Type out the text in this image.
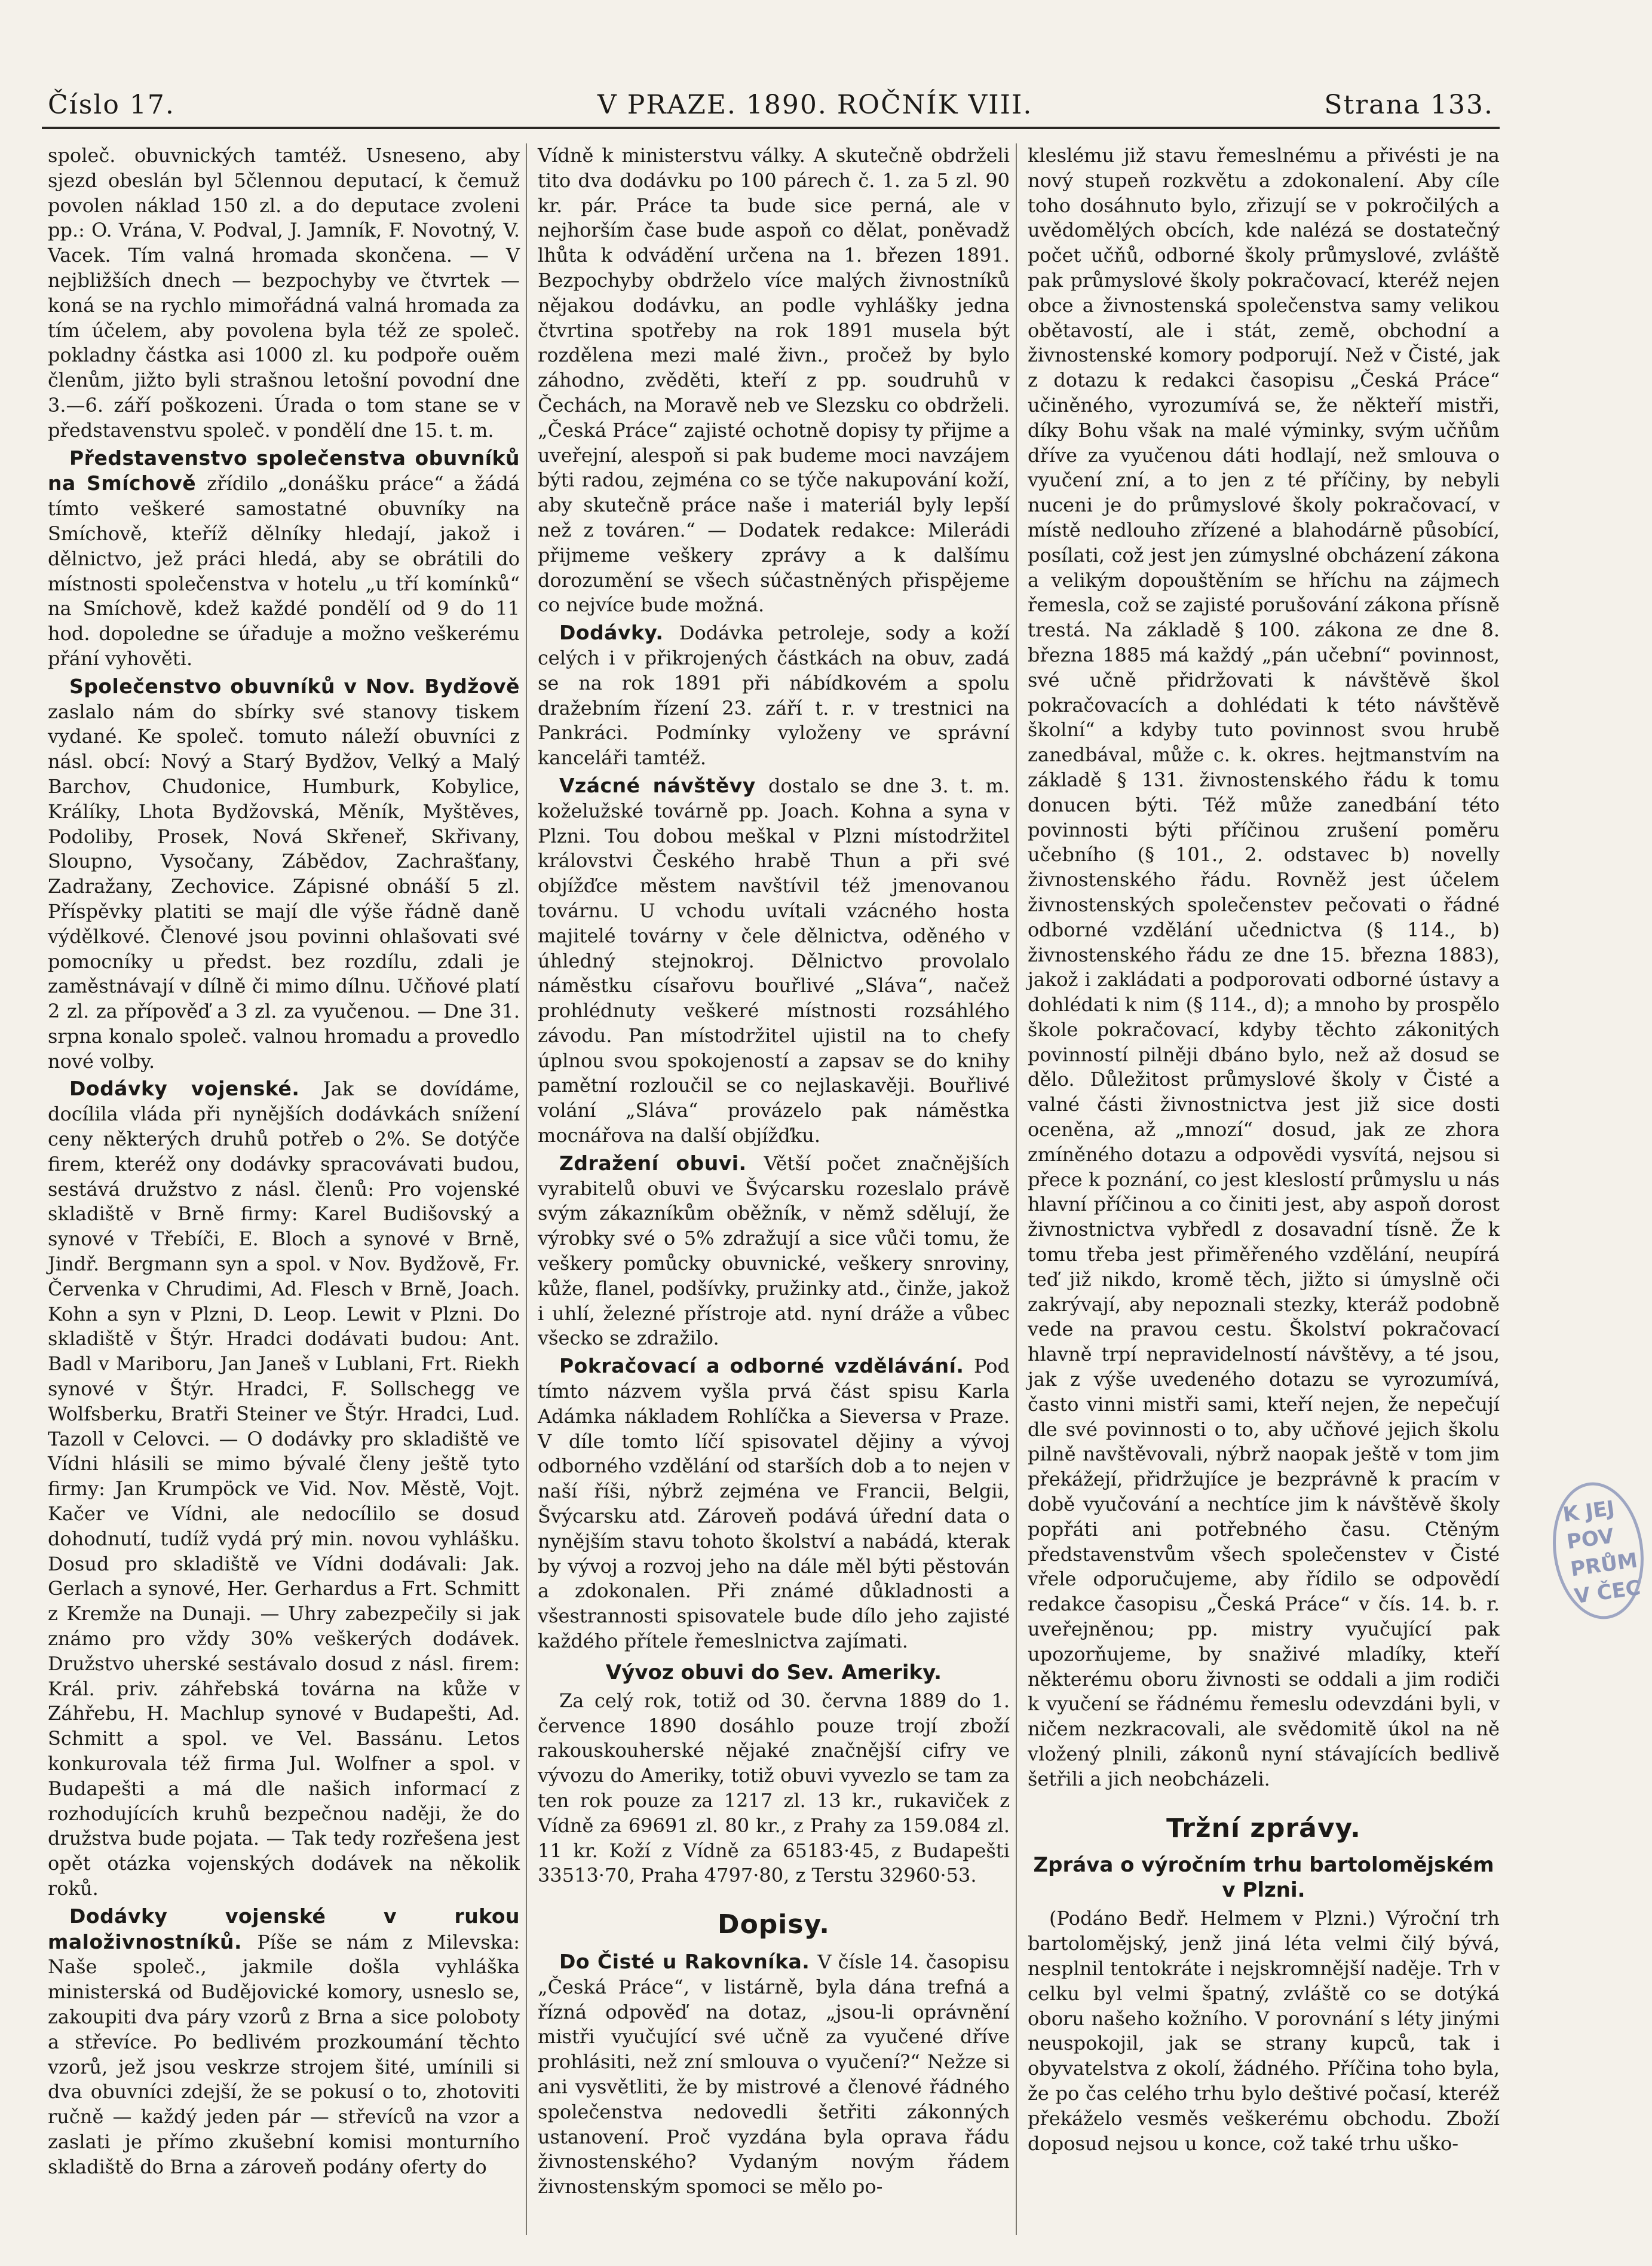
Číslo 17.	V PRAZE. 1890. ROČNÍK VIII.	Strana 133.

společ. obuvnických tamtéž. Usneseno, aby sjezd obeslán byl 5člennou deputací, k čemuž povolen náklad 150 zl. a do deputace zvoleni pp.: O. Vrána, V. Podval, J. Jamník, F. Novotný, V. Vacek. Tím valná hromada skončena. — V nejbližších dnech — bezpochyby ve čtvrtek — koná se na rychlo mimořádná valná hromada za tím účelem, aby povolena byla též ze společ. pokladny částka asi 1000 zl. ku podpoře ouěm členům, jižto byli strašnou letošní povodní dne 3.—6. září poškozeni. Úrada o tom stane se v představenstvu společ. v pondělí dne 15. t. m.

Představenstvo společenstva obuvníků na Smíchově zřídilo „donášku práce“ a žádá tímto veškeré samostatné obuvníky na Smíchově, kteříž dělníky hledají, jakož i dělnictvo, jež práci hledá, aby se obrátili do místnosti společenstva v hotelu „u tří komínků“ na Smíchově, kdež každé pondělí od 9 do 11 hod. dopoledne se úřaduje a možno veškerému přání vyhověti.

Společenstvo obuvníků v Nov. Bydžově zaslalo nám do sbírky své stanovy tiskem vydané. Ke společ. tomuto náleží obuvníci z násl. obcí: Nový a Starý Bydžov, Velký a Malý Barchov, Chudonice, Humburk, Kobylice, Králíky, Lhota Bydžovská, Měník, Myštěves, Podoliby, Prosek, Nová Skřeneř, Skřivany, Sloupno, Vysočany, Zábědov, Zachrašťany, Zadražany, Zechovice. Zápisné obnáší 5 zl. Příspěvky platiti se mají dle výše řádně daně výdělkové. Členové jsou povinni ohlašovati své pomocníky u předst. bez rozdílu, zdali je zaměstnávají v dílně či mimo dílnu. Učňové platí 2 zl. za přípověď a 3 zl. za vyučenou. — Dne 31. srpna konalo společ. valnou hromadu a provedlo nové volby.

Dodávky vojenské. Jak se dovídáme, docílila vláda při nynějších dodávkách snížení ceny některých druhů potřeb o 2%. Se dotýče firem, kteréž ony dodávky spracovávati budou, sestává družstvo z násl. členů: Pro vojenské skladiště v Brně firmy: Karel Budišovský a synové v Třebíči, E. Bloch a synové v Brně, Jindř. Bergmann syn a spol. v Nov. Bydžově, Fr. Červenka v Chrudimi, Ad. Flesch v Brně, Joach. Kohn a syn v Plzni, D. Leop. Lewit v Plzni. Do skladiště v Štýr. Hradci dodávati budou: Ant. Badl v Mariboru, Jan Janeš v Lublani, Frt. Riekh synové v Štýr. Hradci, F. Sollschegg ve Wolfsberku, Bratři Steiner ve Štýr. Hradci, Lud. Tazoll v Celovci. — O dodávky pro skladiště ve Vídni hlásili se mimo bývalé členy ještě tyto firmy: Jan Krumpöck ve Vid. Nov. Městě, Vojt. Kačer ve Vídni, ale nedocílilo se dosud dohodnutí, tudíž vydá prý min. novou vyhlášku. Dosud pro skladiště ve Vídni dodávali: Jak. Gerlach a synové, Her. Gerhardus a Frt. Schmitt z Kremže na Dunaji. — Uhry zabezpečily si jak známo pro vždy 30% veškerých dodávek. Družstvo uherské sestávalo dosud z násl. firem: Král. priv. záhřebská továrna na kůže v Záhřebu, H. Machlup synové v Budapešti, Ad. Schmitt a spol. ve Vel. Bassánu. Letos konkurovala též firma Jul. Wolfner a spol. v Budapešti a má dle našich informací z rozhodujících kruhů bezpečnou naději, že do družstva bude pojata. — Tak tedy rozřešena jest opět otázka vojenských dodávek na několik roků.

Dodávky vojenské v rukou maloživnostníků. Píše se nám z Milevska: Naše společ., jakmile došla vyhláška ministerská od Budějovické komory, usneslo se, zakoupiti dva páry vzorů z Brna a sice poloboty a střevíce. Po bedlivém prozkoumání těchto vzorů, jež jsou veskrze strojem šité, umínili si dva obuvníci zdejší, že se pokusí o to, zhotoviti ručně — každý jeden pár — střevíců na vzor a zaslati je přímo zkušební komisi monturního skladiště do Brna a zároveň podány oferty do

Vídně k ministerstvu války. A skutečně obdrželi tito dva dodávku po 100 párech č. 1. za 5 zl. 90 kr. pár. Práce ta bude sice perná, ale v nejhorším čase bude aspoň co dělat, poněvadž lhůta k odvádění určena na 1. březen 1891. Bezpochyby obdrželo více malých živnostníků nějakou dodávku, an podle vyhlášky jedna čtvrtina spotřeby na rok 1891 musela být rozdělena mezi malé živn., pročež by bylo záhodno, zvěděti, kteří z pp. soudruhů v Čechách, na Moravě neb ve Slezsku co obdrželi. „Česká Práce“ zajisté ochotně dopisy ty přijme a uveřejní, alespoň si pak budeme moci navzájem býti radou, zejména co se týče nakupování koží, aby skutečně práce naše i materiál byly lepší než z továren.“ — Dodatek redakce: Milerádi přijmeme veškery zprávy a k dalšímu dorozumění se všech súčastněných přispějeme co nejvíce bude možná.

Dodávky. Dodávka petroleje, sody a koží celých i v přikrojených částkách na obuv, zadá se na rok 1891 při nábídkovém a spolu dražebním řízení 23. září t. r. v trestnici na Pankráci. Podmínky vyloženy ve správní kanceláři tamtéž.

Vzácné návštěvy dostalo se dne 3. t. m. koželužské továrně pp. Joach. Kohna a syna v Plzni. Tou dobou meškal v Plzni místodržitel královstvi Českého hrabě Thun a při své objížďce městem navštívil též jmenovanou továrnu. U vchodu uvítali vzácného hosta majitelé továrny v čele dělnictva, oděného v úhledný stejnokroj. Dělnictvo provolalo náměstku císařovu bouřlivé „Sláva“, načež prohlédnuty veškeré místnosti rozsáhlého závodu. Pan místodržitel ujistil na to chefy úplnou svou spokojeností a zapsav se do knihy pamětní rozloučil se co nejlaskavěji. Bouřlivé volání „Sláva“ provázelo pak náměstka mocnářova na další objížďku.

Zdražení obuvi. Větší počet značnějších vyrabitelů obuvi ve Švýcarsku rozeslalo právě svým zákazníkům oběžník, v němž sdělují, že výrobky své o 5% zdražují a sice vůči tomu, že veškery pomůcky obuvnické, veškery snroviny, kůže, flanel, podšívky, pružinky atd., činže, jakož i uhlí, železné přístroje atd. nyní dráže a vůbec všecko se zdražilo.

Pokračovací a odborné vzdělávání. Pod tímto názvem vyšla prvá část spisu Karla Adámka nákladem Rohlíčka a Sieversa v Praze. V díle tomto líčí spisovatel dějiny a vývoj odborného vzdělání od starších dob a to nejen v naší říši, nýbrž zejména ve Francii, Belgii, Švýcarsku atd. Zároveň podává úřední data o nynějším stavu tohoto školství a nabádá, kterak by vývoj a rozvoj jeho na dále měl býti pěstován a zdokonalen. Při známé důkladnosti a všestrannosti spisovatele bude dílo jeho zajisté každého přítele řemeslnictva zajímati.

Vývoz obuvi do Sev. Ameriky.

Za celý rok, totiž od 30. června 1889 do 1. července 1890 dosáhlo pouze trojí zboží rakouskouherské nějaké značnější cifry ve vývozu do Ameriky, totiž obuvi vyvezlo se tam za ten rok pouze za 1217 zl. 13 kr., rukaviček z Vídně za 69691 zl. 80 kr., z Prahy za 159.084 zl. 11 kr. Koží z Vídně za 65183·45, z Budapešti 33513·70, Praha 4797·80, z Terstu 32960·53.

Dopisy.

Do Čisté u Rakovníka. V čísle 14. časopisu „Česká Práce“, v listárně, byla dána trefná a řízná odpověď na dotaz, „jsou-li oprávnění mistři vyučující své učně za vyučené dříve prohlásiti, než zní smlouva o vyučení?“ Nežze si ani vysvětliti, že by mistrové a členové řádného společenstva nedovedli šetřiti zákonných ustanovení. Proč vyzdána byla oprava řádu živnostenského? Vydaným novým řádem živnostenským spomoci se mělo po-

kleslému již stavu řemeslnému a přivésti je na nový stupeň rozkvětu a zdokonalení. Aby cíle toho dosáhnuto bylo, zřizují se v pokročilých a uvědomělých obcích, kde nalézá se dostatečný počet učňů, odborné školy průmyslové, zvláště pak průmyslové školy pokračovací, kteréž nejen obce a živnostenská společenstva samy velikou obětavostí, ale i stát, země, obchodní a živnostenské komory podporují. Než v Čisté, jak z dotazu k redakci časopisu „Česká Práce“ učiněného, vyrozumívá se, že někteří mistři, díky Bohu však na malé výminky, svým učňům dříve za vyučenou dáti hodlají, než smlouva o vyučení zní, a to jen z té příčiny, by nebyli nuceni je do průmyslové školy pokračovací, v místě nedlouho zřízené a blahodárně působící, posílati, což jest jen zúmyslné obcházení zákona a velikým dopouštěním se hříchu na zájmech řemesla, což se zajisté porušování zákona přísně trestá. Na základě § 100. zákona ze dne 8. března 1885 má každý „pán učební“ povinnost, své učně přidržovati k návštěvě škol pokračovacích a dohlédati k této návštěvě školní“ a kdyby tuto povinnost svou hrubě zanedbával, může c. k. okres. hejtmanstvím na základě § 131. živnostenského řádu k tomu donucen býti. Též může zanedbání této povinnosti býti příčinou zrušení poměru učebního (§ 101., 2. odstavec b) novelly živnostenského řádu. Rovněž jest účelem živnostenských společenstev pečovati o řádné odborné vzdělání učednictva (§ 114., b) živnostenského řádu ze dne 15. března 1883), jakož i zakládati a podporovati odborné ústavy a dohlédati k nim (§ 114., d); a mnoho by prospělo škole pokračovací, kdyby těchto zákonitých povinností pilněji dbáno bylo, než až dosud se dělo. Důležitost průmyslové školy v Čisté a valné části živnostnictva jest již sice dosti oceněna, až „mnozí“ dosud, jak ze zhora zmíněného dotazu a odpovědi vysvítá, nejsou si přece k poznání, co jest kleslostí průmyslu u nás hlavní příčinou a co činiti jest, aby aspoň dorost živnostnictva vybředl z dosavadní tísně. Že k tomu třeba jest přiměřeného vzdělání, neupírá teď již nikdo, kromě těch, jižto si úmyslně oči zakrývají, aby nepoznali stezky, kteráž podobně vede na pravou cestu. Školství pokračovací hlavně trpí nepravidelností návštěvy, a té jsou, jak z výše uvedeného dotazu se vyrozumívá, často vinni mistři sami, kteří nejen, že nepečují dle své povinnosti o to, aby učňové jejich školu pilně navštěvovali, nýbrž naopak ještě v tom jim překážejí, přidržujíce je bezprávně k pracím v době vyučování a nechtíce jim k návštěvě školy popřáti ani potřebného času. Ctěným představenstvům všech společenstev v Čisté vřele odporučujeme, aby řídilo se odpovědí redakce časopisu „Česká Práce“ v čís. 14. b. r. uveřejněnou; pp. mistry vyučující pak upozorňujeme, by snaživé mladíky, kteří některému oboru živnosti se oddali a jim rodiči k vyučení se řádnému řemeslu odevzdáni byli, v ničem nezkracovali, ale svědomitě úkol na ně vložený plnili, zákonů nyní stávajících bedlivě šetřili a jich neobcházeli.

Tržní zprávy.
Zpráva o výročním trhu bartolomějském v Plzni.

(Podáno Bedř. Helmem v Plzni.) Výroční trh bartolomějský, jenž jiná léta velmi čilý bývá, nesplnil tentokráte i nejskromnější naděje. Trh v celku byl velmi špatný, zvláště co se dotýká oboru našeho kožního. V porovnání s léty jinými neuspokojil, jak se strany kupců, tak i obyvatelstva z okolí, žádného. Příčina toho byla, že po čas celého trhu bylo deštivé počasí, kteréž překáželo vesměs veškerému obchodu. Zboží doposud nejsou u konce, což také trhu uško-

K JEJ POV PRŮM V ČEC
